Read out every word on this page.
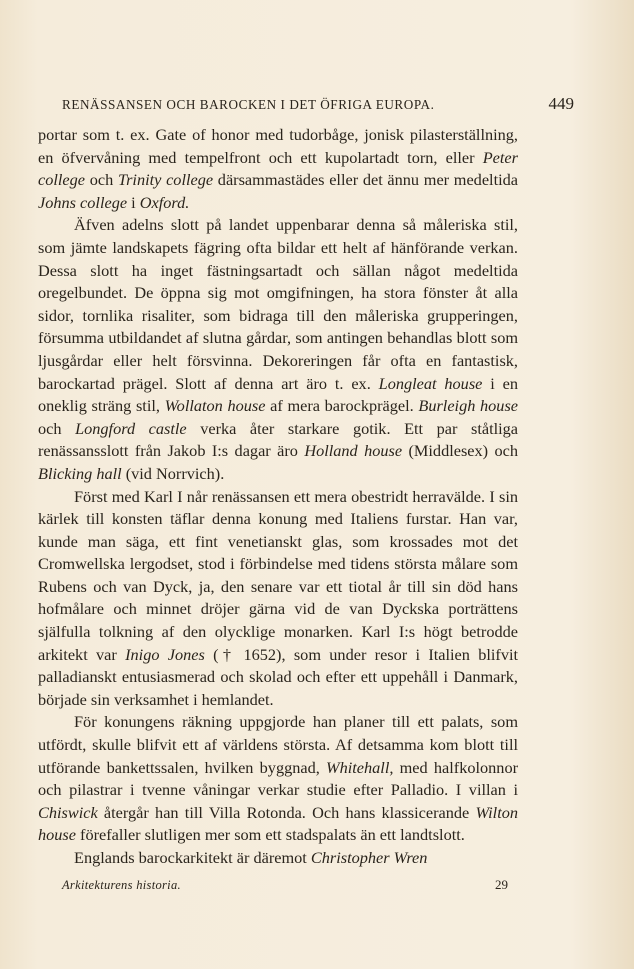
RENÄSSANSEN OCH BAROCKEN I DET ÖFRIGA EUROPA.	449

portar som t. ex. Gate of honor med tudorbåge, jonisk pilasterställning, en öfvervåning med tempelfront och ett kupolartadt torn, eller Peter college och Trinity college därsammastädes eller det ännu mer medeltida Johns college i Oxford.

Äfven adelns slott på landet uppenbarar denna så måleriska stil, som jämte landskapets fägring ofta bildar ett helt af hänförande verkan. Dessa slott ha inget fästningsartadt och sällan något medeltida oregelbundet. De öppna sig mot omgifningen, ha stora fönster åt alla sidor, tornlika risaliter, som bidraga till den måleriska grupperingen, försumma utbildandet af slutna gårdar, som antingen behandlas blott som ljusgårdar eller helt försvinna. Dekoreringen får ofta en fantastisk, barockartad prägel. Slott af denna art äro t. ex. Longleat house i en oneklig sträng stil, Wollaton house af mera barockprägel. Burleigh house och Longford castle verka åter starkare gotik. Ett par ståtliga renässansslott från Jakob I:s dagar äro Holland house (Middlesex) och Blicking hall (vid Norrvich).

Först med Karl I når renässansen ett mera obestridt herravälde. I sin kärlek till konsten täflar denna konung med Italiens furstar. Han var, kunde man säga, ett fint venetianskt glas, som krossades mot det Cromwellska lergodset, stod i förbindelse med tidens största målare som Rubens och van Dyck, ja, den senare var ett tiotal år till sin död hans hofmålare och minnet dröjer gärna vid de van Dyckska porträttens själfulla tolkning af den olycklige monarken. Karl I:s högt betrodde arkitekt var Inigo Jones († 1652), som under resor i Italien blifvit palladianskt entusiasmerad och skolad och efter ett uppehåll i Danmark, började sin verksamhet i hemlandet.

För konungens räkning uppgjorde han planer till ett palats, som utfördt, skulle blifvit ett af världens största. Af detsamma kom blott till utförande bankettssalen, hvilken byggnad, Whitehall, med halfkolonnor och pilastrar i tvenne våningar verkar studie efter Palladio. I villan i Chiswick återgår han till Villa Rotonda. Och hans klassicerande Wilton house förefaller slutligen mer som ett stadspalats än ett landtslott.

Englands barockarkitekt är däremot Christopher Wren

Arkitekturens historia.	29
